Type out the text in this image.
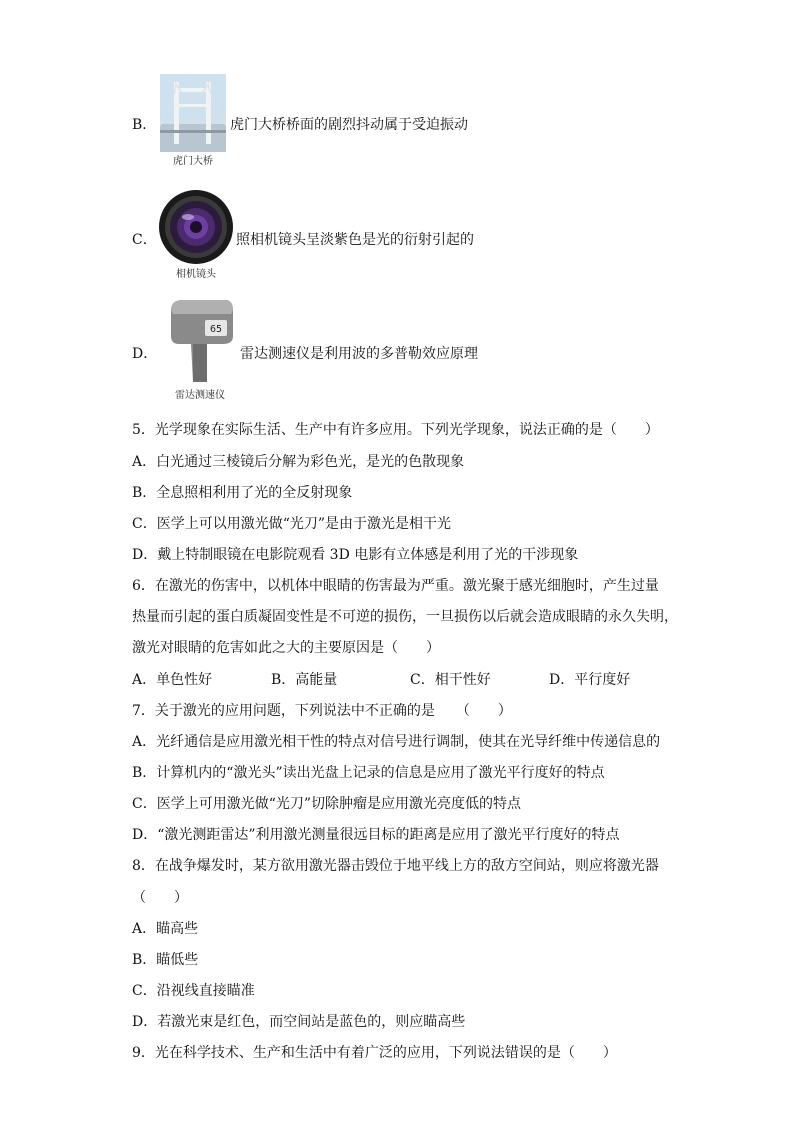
B．
虎门大桥
虎门大桥桥面的剧烈抖动属于受迫振动
C．
相机镜头
照相机镜头呈淡紫色是光的衍射引起的
D．
65
雷达测速仪
雷达测速仪是利用波的多普勒效应原理
5．光学现象在实际生活、生产中有许多应用。下列光学现象，说法正确的是（　　）
A．白光通过三棱镜后分解为彩色光，是光的色散现象
B．全息照相利用了光的全反射现象
C．医学上可以用激光做“光刀”是由于激光是相干光
D．戴上特制眼镜在电影院观看 3D 电影有立体感是利用了光的干涉现象
6．在激光的伤害中，以机体中眼睛的伤害最为严重。激光聚于感光细胞时，产生过量
热量而引起的蛋白质凝固变性是不可逆的损伤，一旦损伤以后就会造成眼睛的永久失明，
激光对眼睛的危害如此之大的主要原因是（　　）
A．单色性好	B．高能量	C．相干性好	D．平行度好
7．关于激光的应用问题，下列说法中不正确的是　　（　　）
A．光纤通信是应用激光相干性的特点对信号进行调制，使其在光导纤维中传递信息的
B．计算机内的“激光头”读出光盘上记录的信息是应用了激光平行度好的特点
C．医学上可用激光做“光刀”切除肿瘤是应用激光亮度低的特点
D．“激光测距雷达”利用激光测量很远目标的距离是应用了激光平行度好的特点
8．在战争爆发时，某方欲用激光器击毁位于地平线上方的敌方空间站，则应将激光器
（　　）
A．瞄高些
B．瞄低些
C．沿视线直接瞄准
D．若激光束是红色，而空间站是蓝色的，则应瞄高些
9．光在科学技术、生产和生活中有着广泛的应用，下列说法错误的是（　　）
